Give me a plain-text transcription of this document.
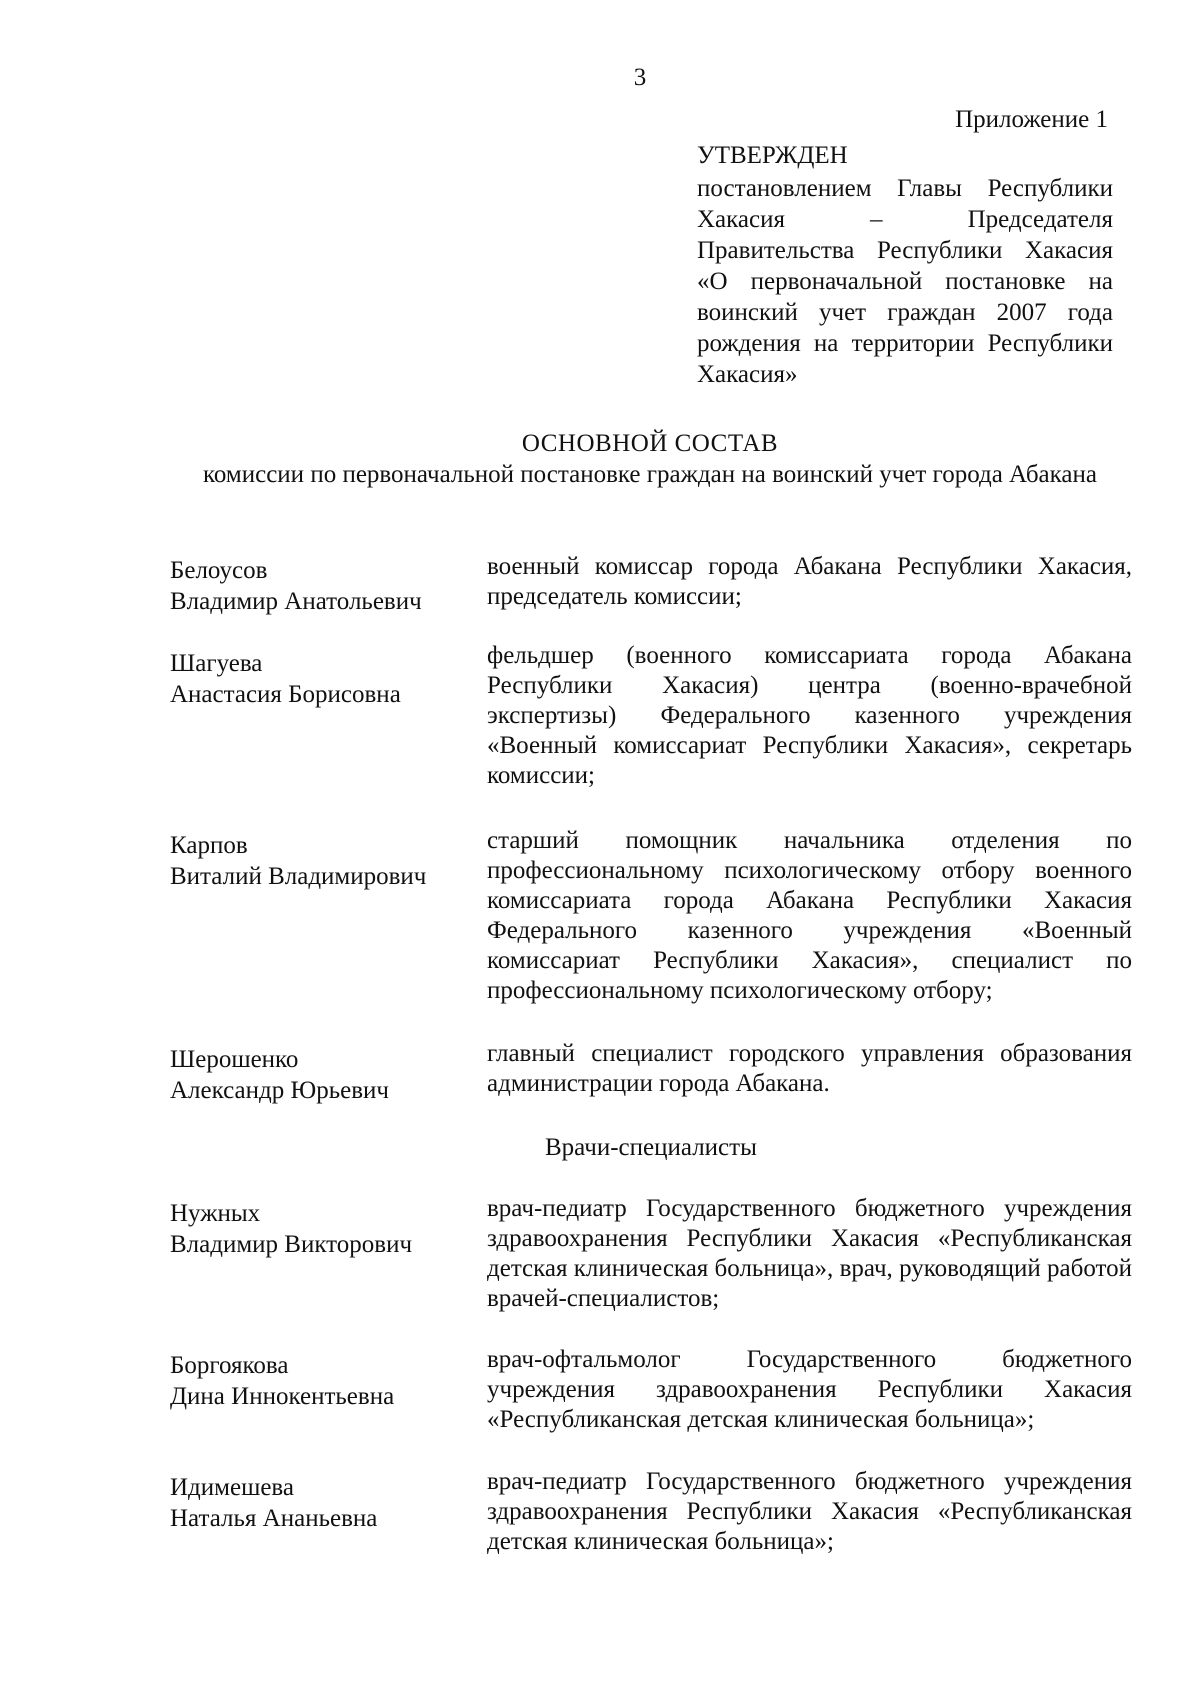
3
Приложение 1
УТВЕРЖДЕН
постановлением Главы Республики Хакасия – Председателя Правительства Республики Хакасия «О первоначальной постановке на воинский учет граждан 2007 года рождения на территории Республики Хакасия»
ОСНОВНОЙ СОСТАВ
комиссии по первоначальной постановке граждан на воинский учет города Абакана
Белоусов
Владимир Анатольевич
военный комиссар города Абакана Республики Хакасия, председатель комиссии;
Шагуева
Анастасия Борисовна
фельдшер (военного комиссариата города Абакана Республики Хакасия) центра (военно-врачебной экспертизы) Федерального казенного учреждения «Военный комиссариат Республики Хакасия», секретарь комиссии;
Карпов
Виталий Владимирович
старший помощник начальника отделения по профессиональному психологическому отбору военного комиссариата города Абакана Республики Хакасия Федерального казенного учреждения «Военный комиссариат Республики Хакасия», специалист по профессиональному психологическому отбору;
Шерошенко
Александр Юрьевич
главный специалист городского управления образования администрации города Абакана.
Врачи-специалисты
Нужных
Владимир Викторович
врач-педиатр Государственного бюджетного учреждения здравоохранения Республики Хакасия «Республиканская детская клиническая больница», врач, руководящий работой врачей-специалистов;
Боргоякова
Дина Иннокентьевна
врач-офтальмолог Государственного бюджетного учреждения здравоохранения Республики Хакасия «Республиканская детская клиническая больница»;
Идимешева
Наталья Ананьевна
врач-педиатр Государственного бюджетного учреждения здравоохранения Республики Хакасия «Республиканская детская клиническая больница»;
